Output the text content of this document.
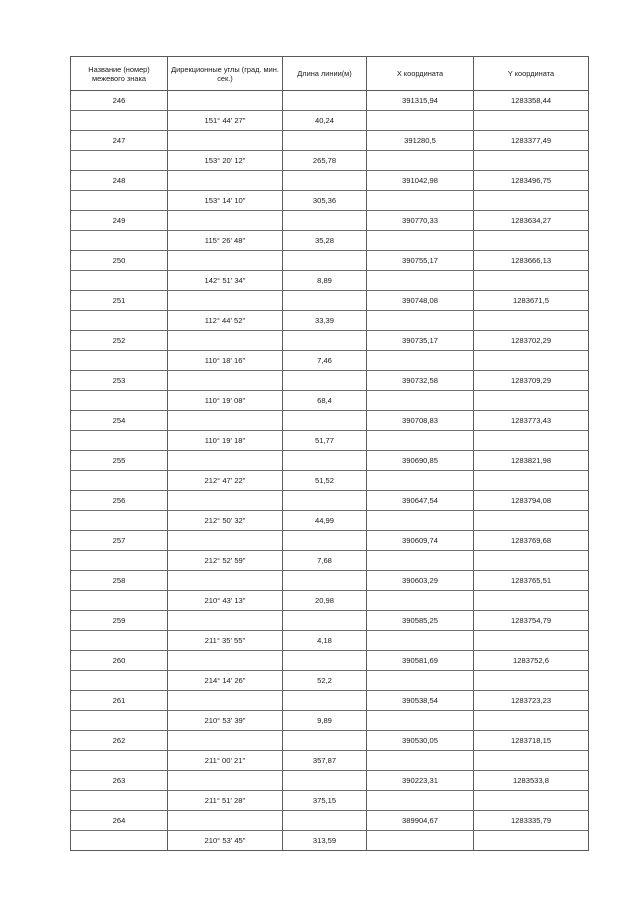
Название (номер) межевого знака	Дирекционные углы (град. мин. сек.)	Длина линии(м)	X координата	Y координата
246			391315,94	1283358,44
	151° 44' 27"	40,24		
247			391280,5	1283377,49
	153° 20' 12"	265,78		
248			391042,98	1283496,75
	153° 14' 10"	305,36		
249			390770,33	1283634,27
	115° 26' 48"	35,28		
250			390755,17	1283666,13
	142° 51' 34"	8,89		
251			390748,08	1283671,5
	112° 44' 52"	33,39		
252			390735,17	1283702,29
	110° 18' 16"	7,46		
253			390732,58	1283709,29
	110° 19' 08"	68,4		
254			390708,83	1283773,43
	110° 19' 18"	51,77		
255			390690,85	1283821,98
	212° 47' 22"	51,52		
256			390647,54	1283794,08
	212° 50' 32"	44,99		
257			390609,74	1283769,68
	212° 52' 59"	7,68		
258			390603,29	1283765,51
	210° 43' 13"	20,98		
259			390585,25	1283754,79
	211° 35' 55"	4,18		
260			390581,69	1283752,6
	214° 14' 26"	52,2		
261			390538,54	1283723,23
	210° 53' 39"	9,89		
262			390530,05	1283718,15
	211° 00' 21"	357,87		
263			390223,31	1283533,8
	211° 51' 28"	375,15		
264			389904,67	1283335,79
	210° 53' 45"	313,59		
